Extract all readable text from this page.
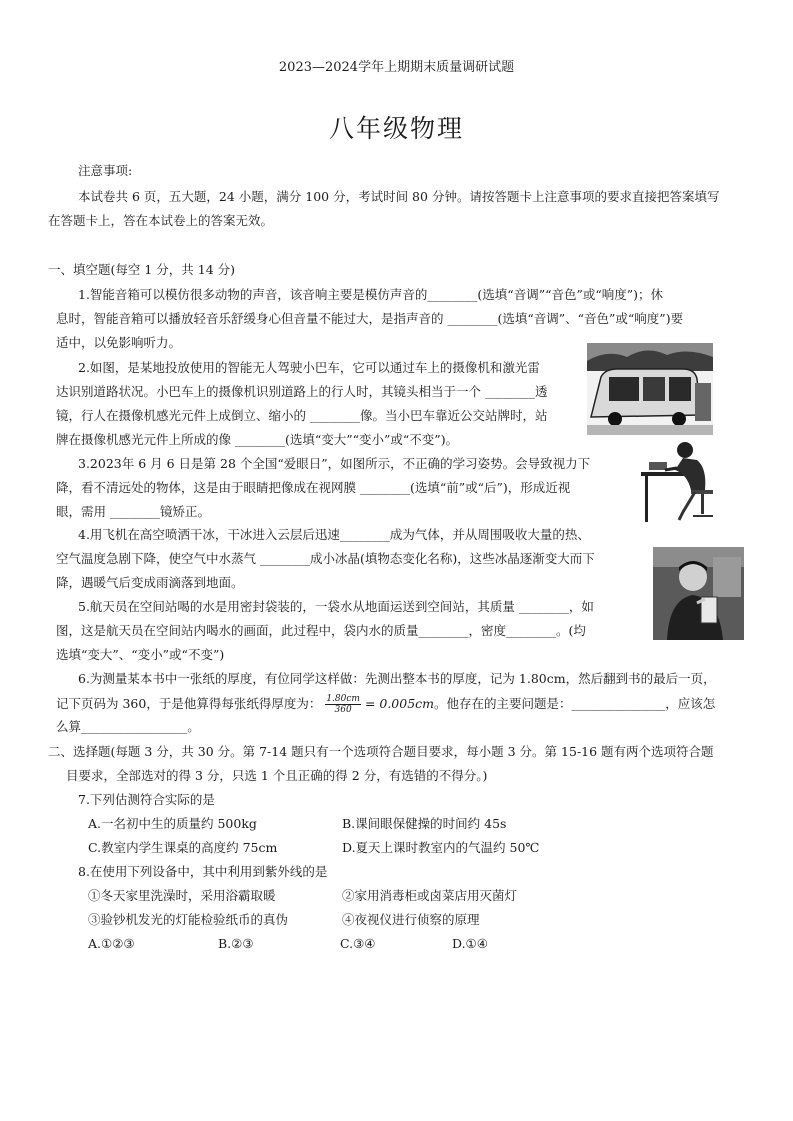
2023—2024学年上期期末质量调研试题
八年级物理
注意事项:
本试卷共 6 页，五大题，24 小题，满分 100 分，考试时间 80 分钟。请按答题卡上注意事项的要求直接把答案填写
在答题卡上，答在本试卷上的答案无效。
一、填空题(每空 1 分，共 14 分)
1.智能音箱可以模仿很多动物的声音，该音响主要是模仿声音的________(选填“音调”“音色”或“响度”)；休
息时，智能音箱可以播放轻音乐舒缓身心但音量不能过大，是指声音的 ________(选填“音调”、“音色”或“响度”)要
适中，以免影响听力。
2.如图，是某地投放使用的智能无人驾驶小巴车，它可以通过车上的摄像机和激光雷
达识别道路状况。小巴车上的摄像机识别道路上的行人时，其镜头相当于一个 ________透
镜，行人在摄像机感光元件上成倒立、缩小的 ________像。当小巴车靠近公交站牌时，站
牌在摄像机感光元件上所成的像 ________(选填“变大”“变小”或“不变”)。
3.2023年 6 月 6 日是第 28 个全国“爱眼日”，如图所示，不正确的学习姿势。会导致视力下
降，看不清远处的物体，这是由于眼睛把像成在视网膜 ________(选填“前”或“后”)，形成近视
眼，需用 ________镜矫正。
4.用飞机在高空喷洒干冰，干冰进入云层后迅速________成为气体，并从周围吸收大量的热、
空气温度急剧下降，使空气中水蒸气 ________成小冰晶(填物态变化名称)，这些冰晶逐渐变大而下
降，遇暖气后变成雨滴落到地面。
5.航天员在空间站喝的水是用密封袋装的，一袋水从地面运送到空间站，其质量 ________，如
图，这是航天员在空间站内喝水的画面，此过程中，袋内水的质量________，密度________。(均
选填“变大”、“变小”或“不变”)
6.为测量某本书中一张纸的厚度，有位同学这样做：先测出整本书的厚度，记为 1.80cm，然后翻到书的最后一页，
记下页码为 360，于是他算得每张纸得厚度为： $\frac{1.80cm}{360} = 0.005cm$。他存在的主要问题是：_______________，应该怎
么算_________________。
二、选择题(每题 3 分，共 30 分。第 7-14 题只有一个选项符合题目要求，每小题 3 分。第 15-16 题有两个选项符合题
目要求，全部选对的得 3 分，只选 1 个且正确的得 2 分，有选错的不得分。)
7.下列估测符合实际的是
A.一名初中生的质量约 500kg	B.课间眼保健操的时间约 45s
C.教室内学生课桌的高度约 75cm	D.夏天上课时教室内的气温约 50℃
8.在使用下列设备中，其中利用到紫外线的是
①冬天家里洗澡时，采用浴霸取暖	②家用消毒柜或卤菜店用灭菌灯
③验钞机发光的灯能检验纸币的真伪	④夜视仪进行侦察的原理
A.①②③	B.②③	C.③④	D.①④
